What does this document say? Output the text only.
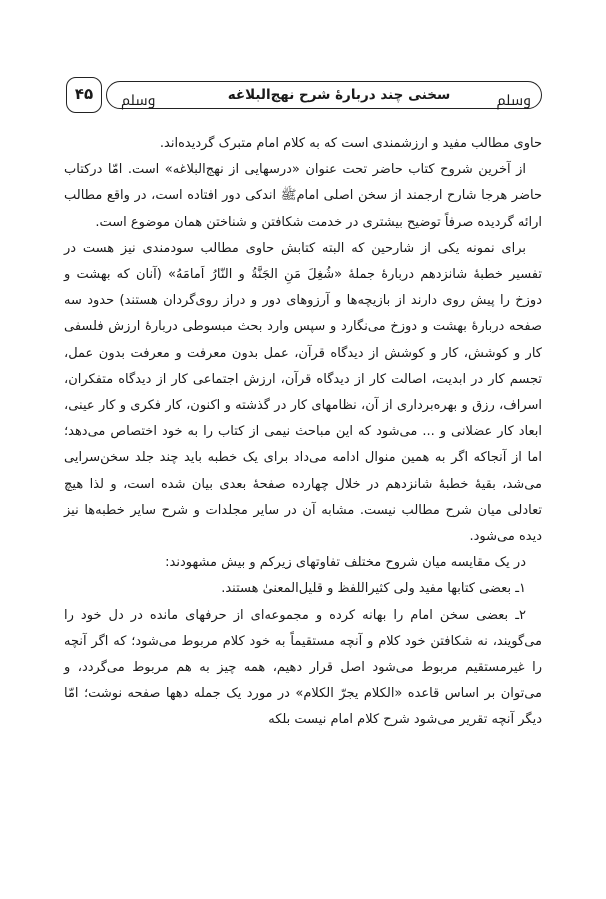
۴۵	ﷸ	سخنی چند دربارهٔ شرح نهج‌البلاغه	ﷸ

حاوی مطالب مفید و ارزشمندی است که به کلام امام متبرک گردیده‌اند.

از آخرین شروح کتاب حاضر تحت عنوان «درسهایی از نهج‌البلاغه» است. امّا درکتاب حاضر هرجا شارح ارجمند از سخن اصلی امام‌ﷺ اندکی دور افتاده است، در واقع مطالب ارائه گردیده صرفاً توضیح بیشتری در خدمت شکافتن و شناختن همان موضوع است.

برای نمونه یکی از شارحین که البته کتابش حاوی مطالب سودمندی نیز هست در تفسیر خطبهٔ شانزدهم دربارهٔ جملهٔ «شُغِلَ مَنِ الجَنَّةُ و النّارُ اَمامَهُ» (آنان که بهشت و دوزخ را پیش روی دارند از بازیچه‌ها و آرزوهای دور و دراز روی‌گردان هستند) حدود سه صفحه دربارهٔ بهشت و دوزخ می‌نگارد و سپس وارد بحث مبسوطی دربارهٔ ارزش فلسفی کار و کوشش، کار و کوشش از دیدگاه قرآن، عمل بدون معرفت و معرفت بدون عمل، تجسم کار در ابدیت، اصالت کار از دیدگاه قرآن، ارزش اجتماعی کار از دیدگاه متفکران، اسراف، رزق و بهره‌برداری از آن، نظامهای کار در گذشته و اکنون، کار فکری و کار عینی، ابعاد کار عضلانی و ... می‌شود که این مباحث نیمی از کتاب را به خود اختصاص می‌دهد؛ اما از آنجاکه اگر به همین منوال ادامه می‌داد برای یک خطبه باید چند جلد سخن‌سرایی می‌شد، بقیهٔ خطبهٔ شانزدهم در خلال چهارده صفحهٔ بعدی بیان شده است، و لذا هیچ تعادلی میان شرح مطالب نیست. مشابه آن در سایر مجلدات و شرح سایر خطبه‌ها نیز دیده می‌شود.

در یک مقایسه میان شروح مختلف تفاوتهای زیرکم و بیش مشهودند:

۱ـ بعضی کتابها مفید ولی کثیراللفظ و قلیل‌المعنیٰ هستند.

۲ـ بعضی سخن امام را بهانه کرده و مجموعه‌ای از حرفهای مانده در دل خود را می‌گویند، نه شکافتن خود کلام و آنچه مستقیماً به خود کلام مربوط می‌شود؛ که اگر آنچه را غیرمستقیم مربوط می‌شود اصل قرار دهیم، همه چیز به هم مربوط می‌گردد، و می‌توان بر اساس قاعده «الکلام یجرّ الکلام» در مورد یک جمله دهها صفحه نوشت؛ امّا دیگر آنچه تقریر می‌شود شرح کلام امام نیست بلکه
